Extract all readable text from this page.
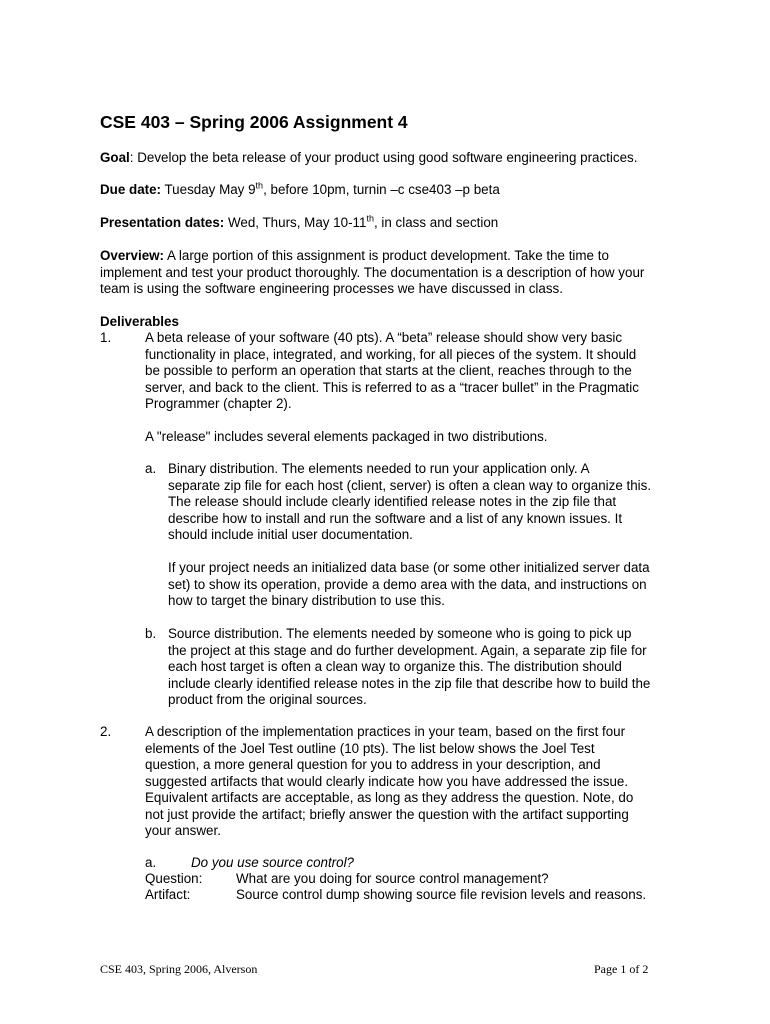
CSE 403 – Spring 2006 Assignment 4

Goal: Develop the beta release of your product using good software engineering practices.

Due date: Tuesday May 9th, before 10pm, turnin –c cse403 –p beta

Presentation dates: Wed, Thurs, May 10-11th, in class and section

Overview: A large portion of this assignment is product development. Take the time to
implement and test your product thoroughly. The documentation is a description of how your
team is using the software engineering processes we have discussed in class.

Deliverables

1.	A beta release of your software (40 pts). A “beta” release should show very basic
functionality in place, integrated, and working, for all pieces of the system. It should
be possible to perform an operation that starts at the client, reaches through to the
server, and back to the client. This is referred to as a “tracer bullet” in the Pragmatic
Programmer (chapter 2).
A "release" includes several elements packaged in two distributions.
a. Binary distribution. The elements needed to run your application only. A
separate zip file for each host (client, server) is often a clean way to organize this.
The release should include clearly identified release notes in the zip file that
describe how to install and run the software and a list of any known issues. It
should include initial user documentation.
If your project needs an initialized data base (or some other initialized server data
set) to show its operation, provide a demo area with the data, and instructions on
how to target the binary distribution to use this.
b. Source distribution. The elements needed by someone who is going to pick up
the project at this stage and do further development. Again, a separate zip file for
each host target is often a clean way to organize this. The distribution should
include clearly identified release notes in the zip file that describe how to build the
product from the original sources.
2.	A description of the implementation practices in your team, based on the first four
elements of the Joel Test outline (10 pts). The list below shows the Joel Test
question, a more general question for you to address in your description, and
suggested artifacts that would clearly indicate how you have addressed the issue.
Equivalent artifacts are acceptable, as long as they address the question. Note, do
not just provide the artifact; briefly answer the question with the artifact supporting
your answer.
a.	Do you use source control?
Question:	What are you doing for source control management?
Artifact:	Source control dump showing source file revision levels and reasons.
CSE 403, Spring 2006, Alverson	Page 1 of 2
